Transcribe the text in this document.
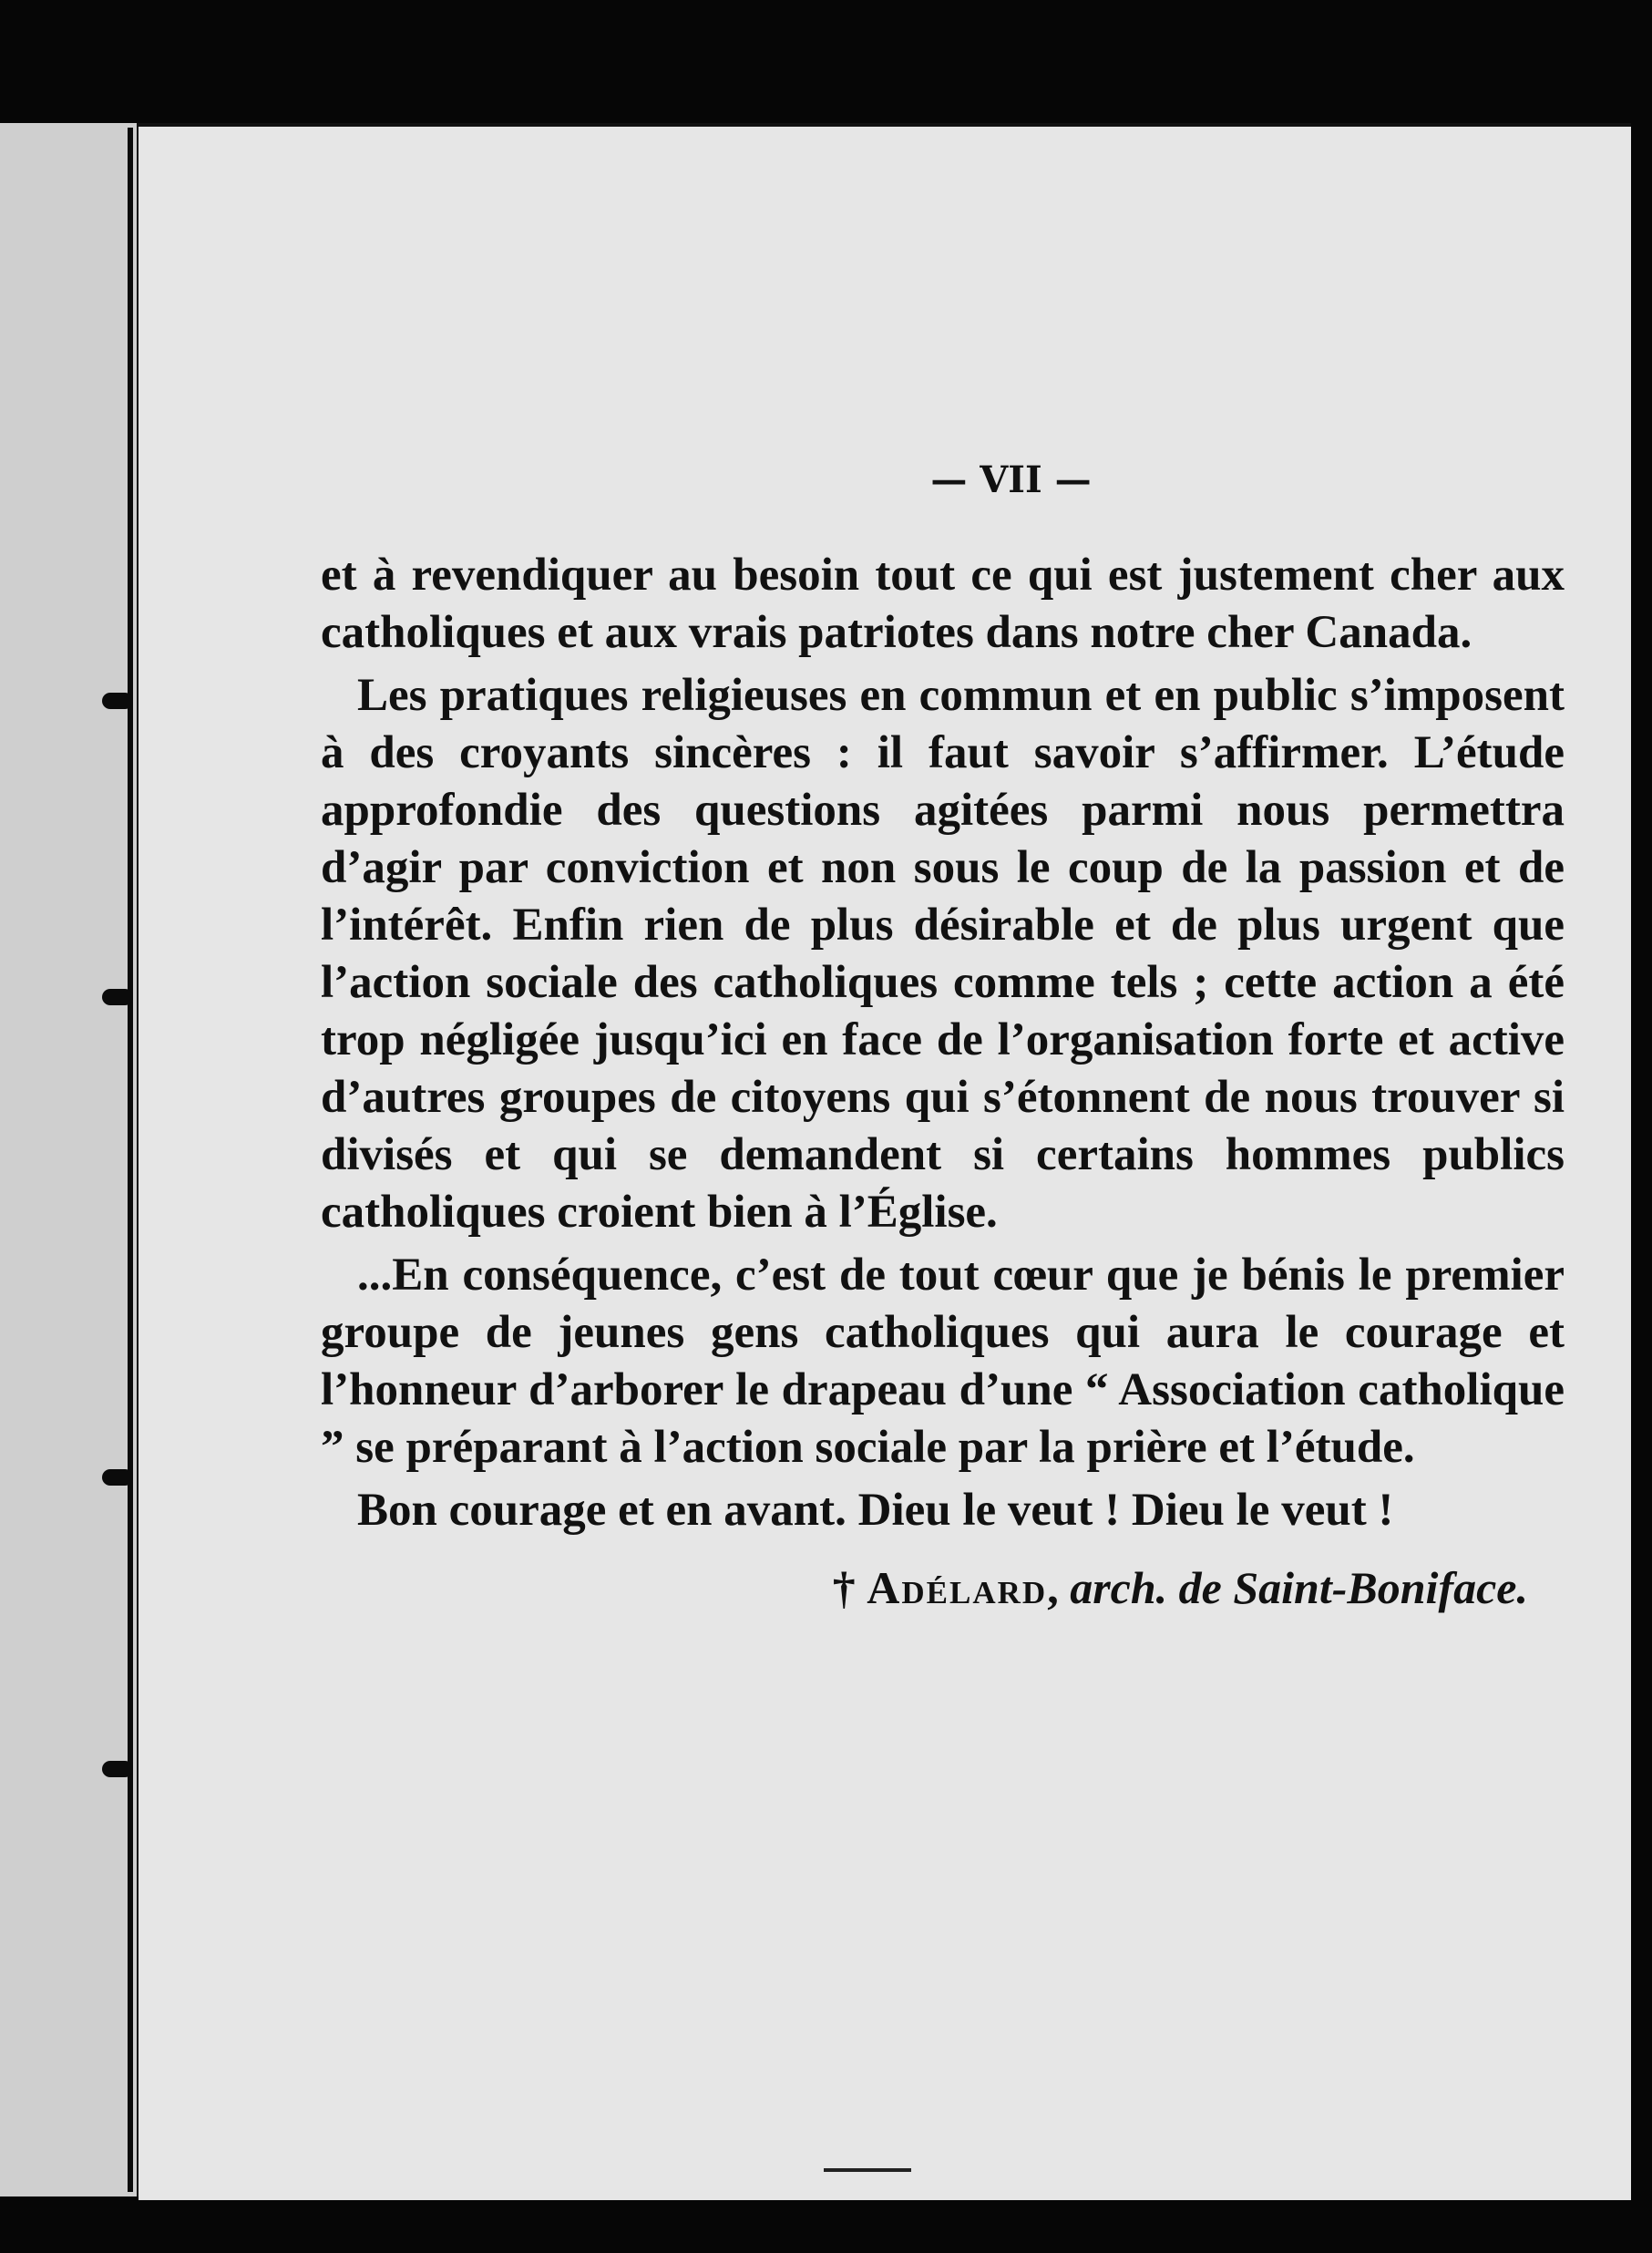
— VII —

et à revendiquer au besoin tout ce qui est justement cher aux catholiques et aux vrais patriotes dans notre cher Canada.

Les pratiques religieuses en commun et en public s’imposent à des croyants sincères : il faut savoir s’affirmer. L’étude approfondie des questions agitées parmi nous permettra d’agir par conviction et non sous le coup de la passion et de l’intérêt. Enfin rien de plus désirable et de plus urgent que l’action sociale des catholiques comme tels ; cette action a été trop négligée jusqu’ici en face de l’organisation forte et active d’autres groupes de citoyens qui s’étonnent de nous trouver si divisés et qui se demandent si certains hommes publics catholiques croient bien à l’Église.

...En conséquence, c’est de tout cœur que je bénis le premier groupe de jeunes gens catholiques qui aura le courage et l’honneur d’arborer le drapeau d’une “ Association catholique ” se préparant à l’action sociale par la prière et l’étude.

Bon courage et en avant. Dieu le veut ! Dieu le veut !

† Adélard, arch. de Saint-Boniface.
